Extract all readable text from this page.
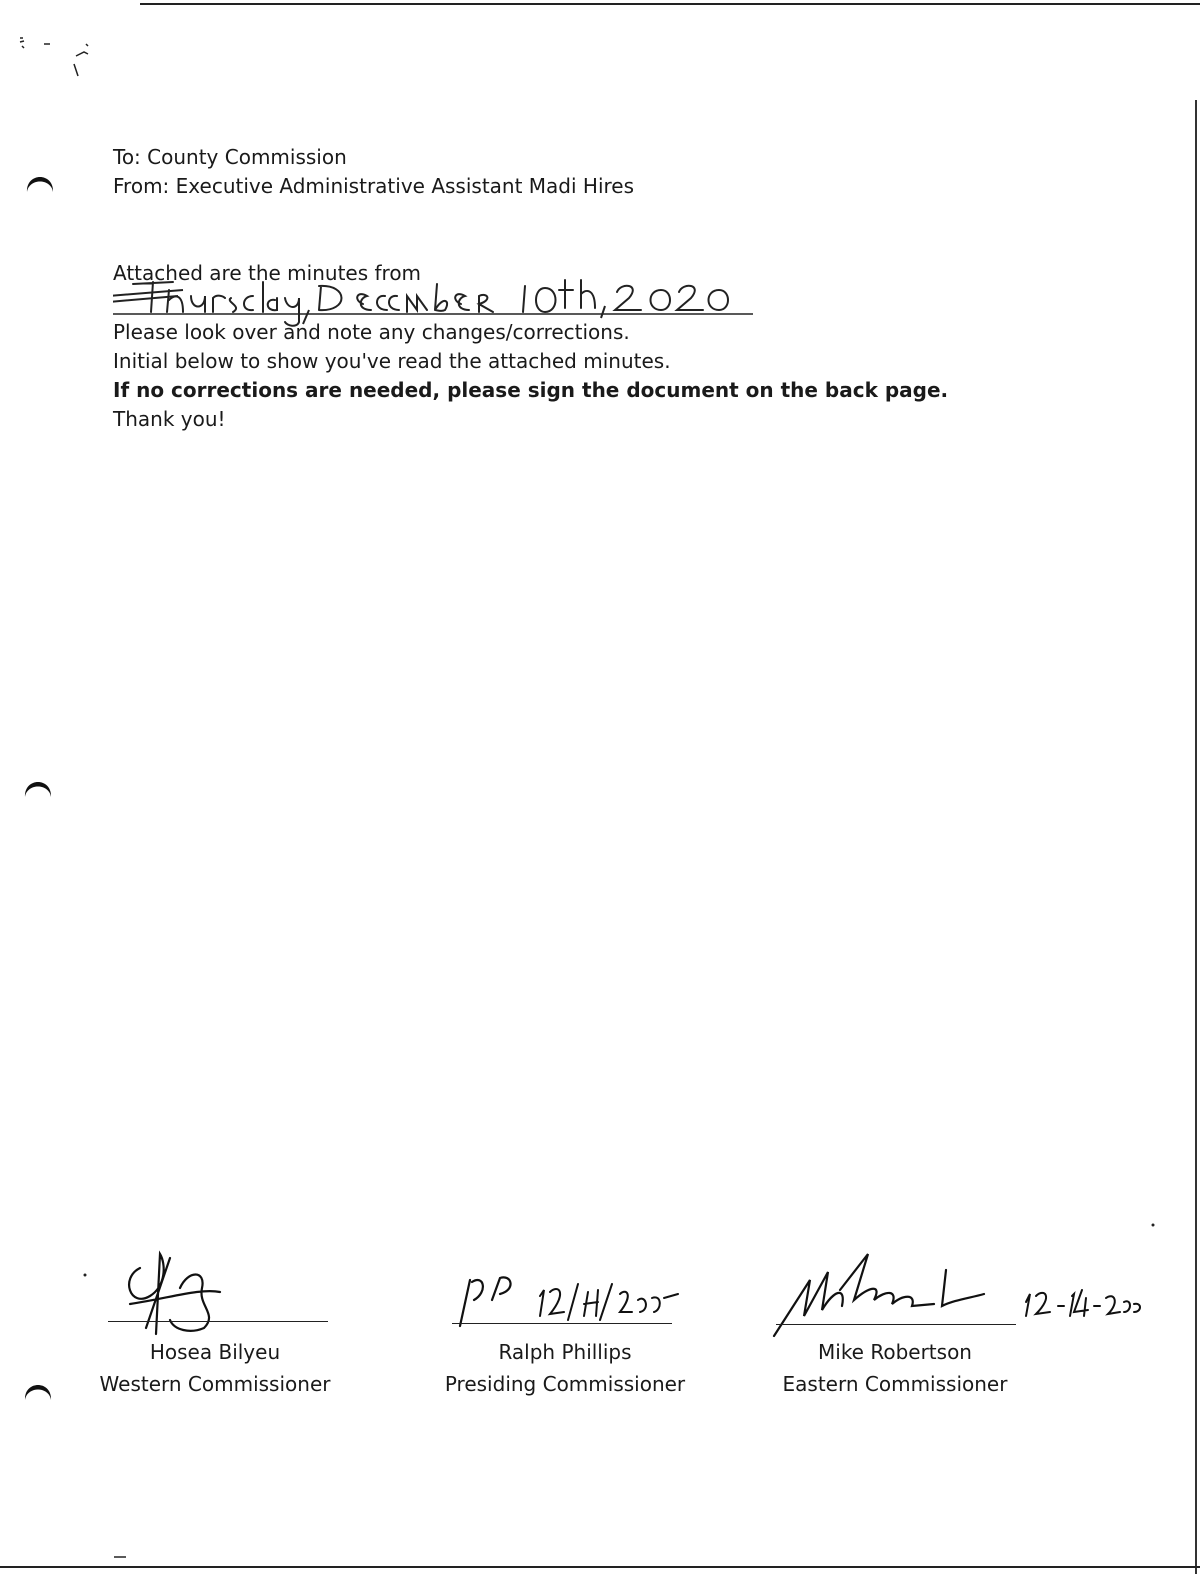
To: County Commission
From: Executive Administrative Assistant Madi Hires
Attached are the minutes from
Please look over and note any changes/corrections.
Initial below to show you've read the attached minutes.
If no corrections are needed, please sign the document on the back page.
Thank you!
Hosea Bilyeu
Western Commissioner
Ralph Phillips
Presiding Commissioner
Mike Robertson
Eastern Commissioner
